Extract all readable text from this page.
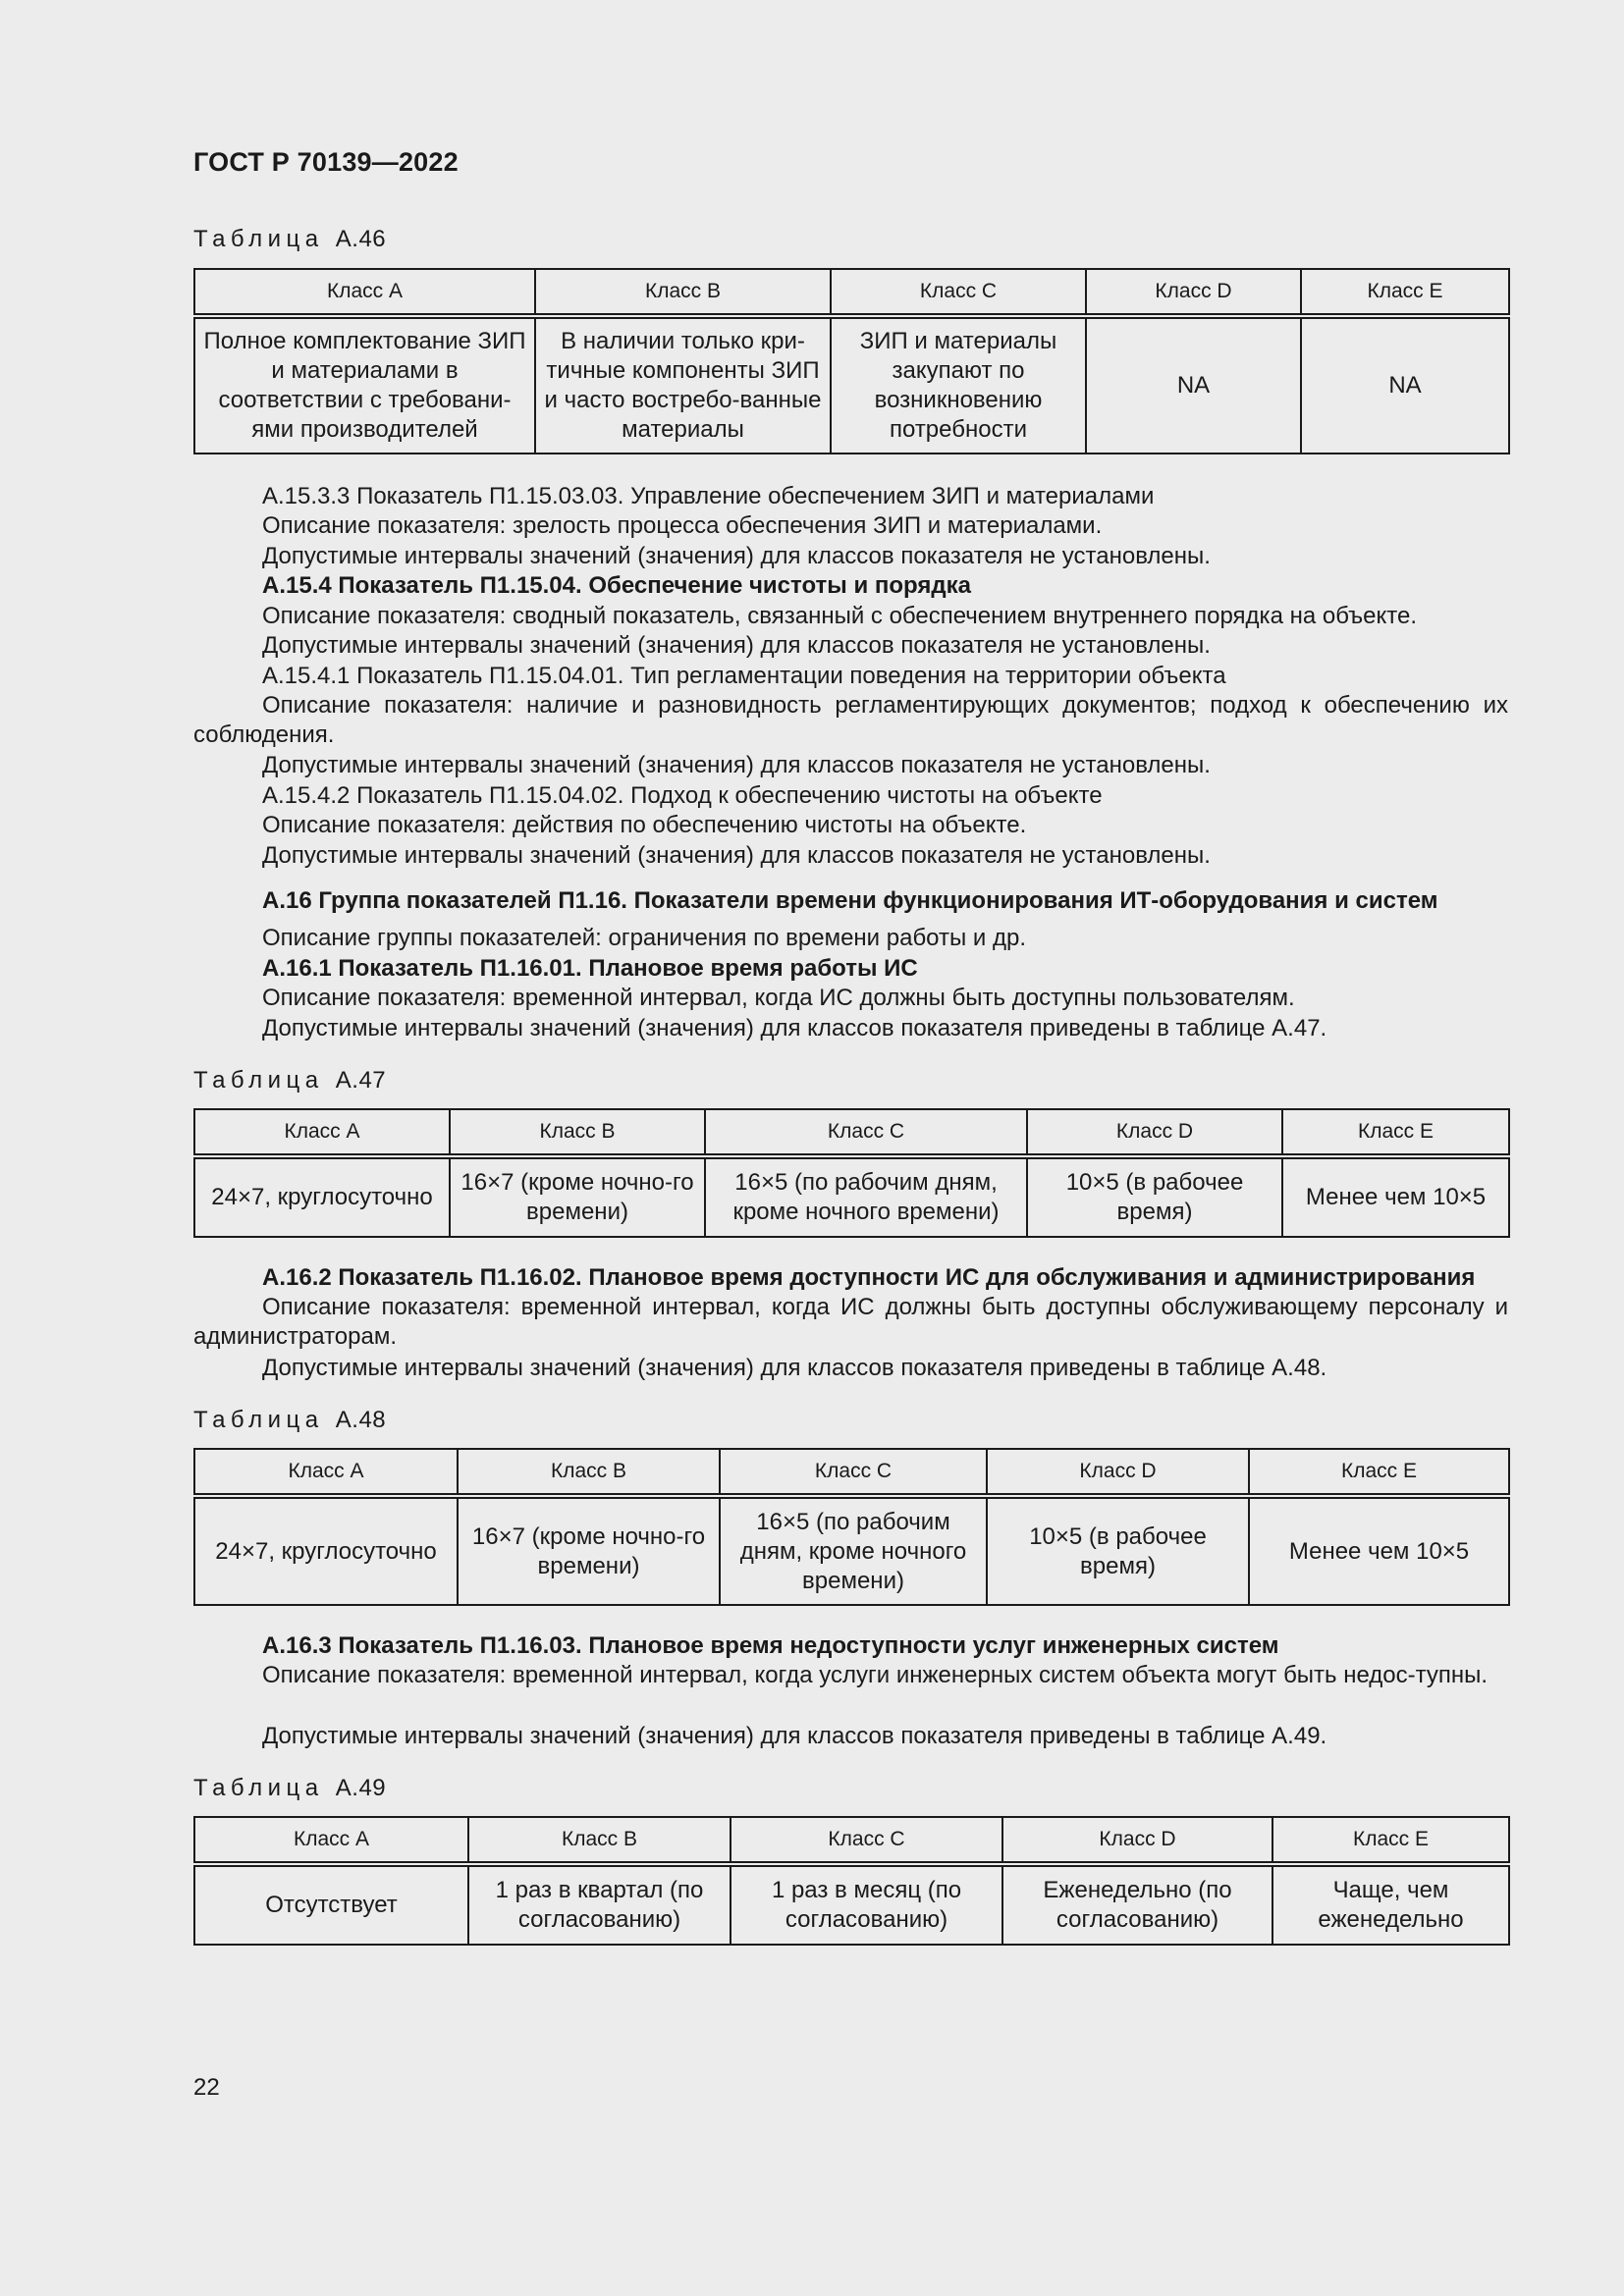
ГОСТ Р 70139—2022
Таблица А.46
Класс A	Класс B	Класс C	Класс D	Класс E
Полное комплектование ЗИП и материалами в соответствии с требовани-ями производителей	В наличии только кри-тичные компоненты ЗИП и часто востребо-ванные материалы	ЗИП и материалы закупают по возникновению потребности	NA	NA
А.15.3.3 Показатель П1.15.03.03. Управление обеспечением ЗИП и материалами
Описание показателя: зрелость процесса обеспечения ЗИП и материалами.
Допустимые интервалы значений (значения) для классов показателя не установлены.
А.15.4 Показатель П1.15.04. Обеспечение чистоты и порядка
Описание показателя: сводный показатель, связанный с обеспечением внутреннего порядка на объекте.
Допустимые интервалы значений (значения) для классов показателя не установлены.
А.15.4.1 Показатель П1.15.04.01. Тип регламентации поведения на территории объекта
Описание показателя: наличие и разновидность регламентирующих документов; подход к обеспечению их соблюдения.
Допустимые интервалы значений (значения) для классов показателя не установлены.
А.15.4.2 Показатель П1.15.04.02. Подход к обеспечению чистоты на объекте
Описание показателя: действия по обеспечению чистоты на объекте.
Допустимые интервалы значений (значения) для классов показателя не установлены.
А.16 Группа показателей П1.16. Показатели времени функционирования ИТ-оборудования и систем
Описание группы показателей: ограничения по времени работы и др.
А.16.1 Показатель П1.16.01. Плановое время работы ИС
Описание показателя: временной интервал, когда ИС должны быть доступны пользователям.
Допустимые интервалы значений (значения) для классов показателя приведены в таблице А.47.
Таблица А.47
Класс A	Класс B	Класс C	Класс D	Класс E
24×7, круглосуточно	16×7 (кроме ночно-го времени)	16×5 (по рабочим дням, кроме ночного времени)	10×5 (в рабочее время)	Менее чем 10×5
А.16.2 Показатель П1.16.02. Плановое время доступности ИС для обслуживания и администрирования
Описание показателя: временной интервал, когда ИС должны быть доступны обслуживающему персоналу и администраторам.
Допустимые интервалы значений (значения) для классов показателя приведены в таблице А.48.
Таблица А.48
Класс A	Класс B	Класс C	Класс D	Класс E
24×7, круглосуточно	16×7 (кроме ночно-го времени)	16×5 (по рабочим дням, кроме ночного времени)	10×5 (в рабочее время)	Менее чем 10×5
А.16.3 Показатель П1.16.03. Плановое время недоступности услуг инженерных систем
Описание показателя: временной интервал, когда услуги инженерных систем объекта могут быть недос-тупны.
Допустимые интервалы значений (значения) для классов показателя приведены в таблице А.49.
Таблица А.49
Класс A	Класс B	Класс C	Класс D	Класс E
Отсутствует	1 раз в квартал (по согласованию)	1 раз в месяц (по согласованию)	Еженедельно (по согласованию)	Чаще, чем еженедельно
22
